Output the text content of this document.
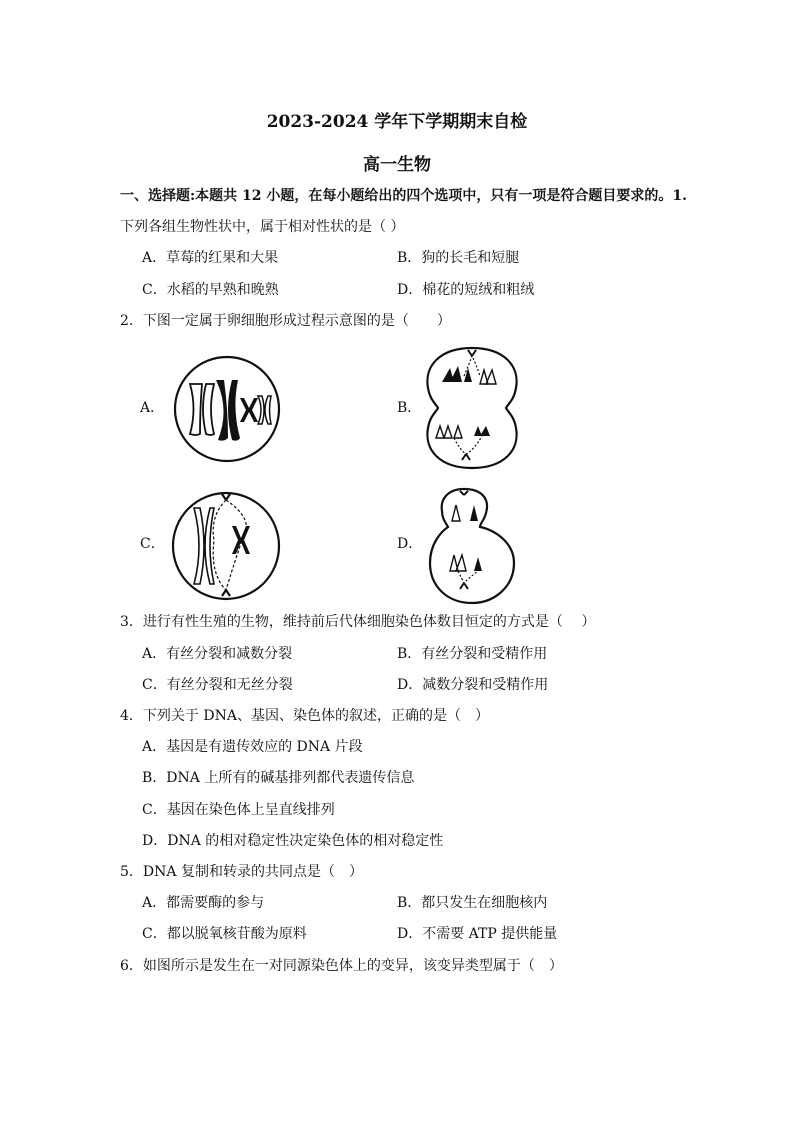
2023-2024 学年下学期期末自检
高一生物
一、选择题:本题共 12 小题，在每小题给出的四个选项中，只有一项是符合题目要求的。1.
下列各组生物性状中，属于相对性状的是（ ）
A．草莓的红果和大果	B．狗的长毛和短腿
C．水稻的早熟和晚熟	D．棉花的短绒和粗绒
2．下图一定属于卵细胞形成过程示意图的是（　　）
A．	B．
C．	D．
3．进行有性生殖的生物，维持前后代体细胞染色体数目恒定的方式是（　 ）
A．有丝分裂和减数分裂	B．有丝分裂和受精作用
C．有丝分裂和无丝分裂	D．减数分裂和受精作用
4．下列关于 DNA、基因、染色体的叙述，正确的是（　）
A．基因是有遗传效应的 DNA 片段
B．DNA 上所有的碱基排列都代表遗传信息
C．基因在染色体上呈直线排列
D．DNA 的相对稳定性决定染色体的相对稳定性
5．DNA 复制和转录的共同点是（　）
A．都需要酶的参与	B．都只发生在细胞核内
C．都以脱氧核苷酸为原料	D．不需要 ATP 提供能量
6．如图所示是发生在一对同源染色体上的变异，该变异类型属于（　）
